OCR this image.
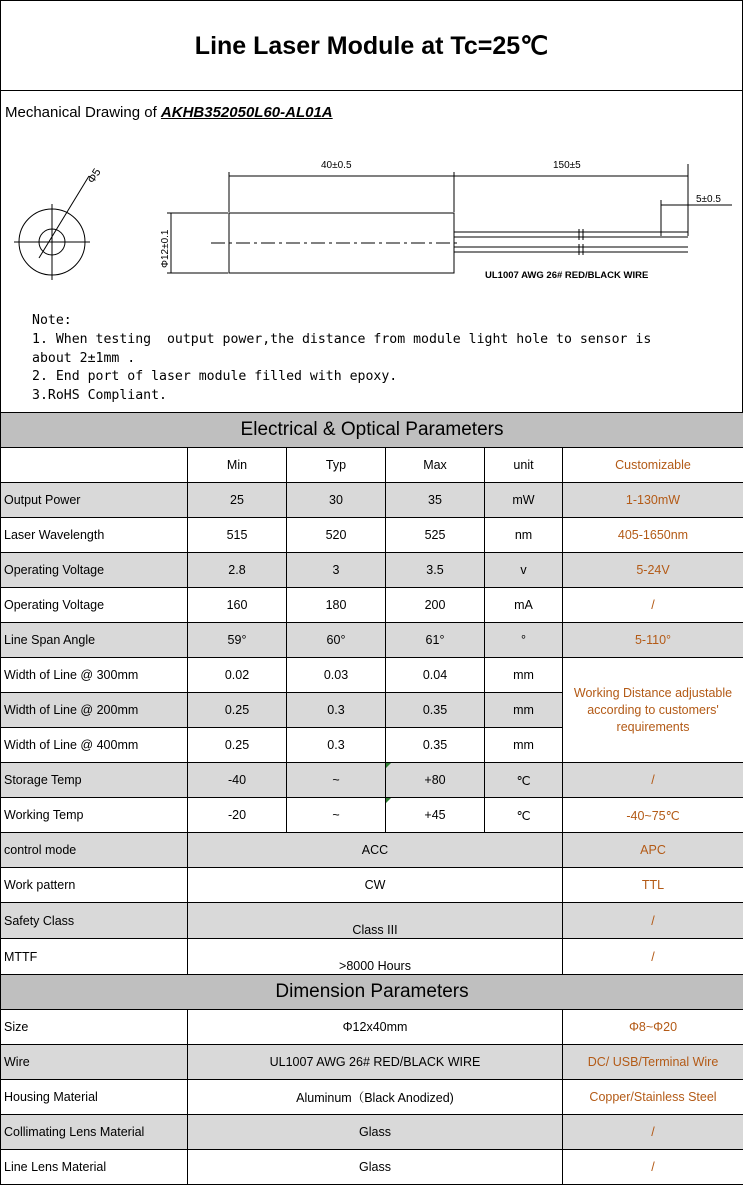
Line Laser Module at Tc=25℃
Mechanical Drawing of AKHB352050L60-AL01A
Φ5
40±0.5	150±5
5±0.5
Φ12±0.1
UL1007 AWG 26# RED/BLACK WIRE
Note:
1. When testing  output power,the distance from module light hole to sensor is
about 2±1mm .
2. End port of laser module filled with epoxy.
3.RoHS Compliant.
Electrical & Optical Parameters					
	Min	Typ	Max	unit	Customizable
Output Power	25	30	35	mW	1-130mW
Laser Wavelength	515	520	525	nm	405-1650nm
Operating Voltage	2.8	3	3.5	v	5-24V
Operating Voltage	160	180	200	mA	/
Line Span Angle	59°	60°	61°	°	5-110°
Width of Line @ 300mm	0.02	0.03	0.04	mm	Working Distance adjustable according to customers' requirements
Width of Line @ 200mm	0.25	0.3	0.35	mm	
Width of Line @ 400mm	0.25	0.3	0.35	mm	
Storage Temp	-40	~	+80	℃	/
Working Temp	-20	~	+45	℃	-40~75℃
control mode	ACC				APC
Work pattern	CW				TTL
Safety Class	Class III				/
MTTF	>8000 Hours				/
Dimension Parameters					
Size	Φ12x40mm				Φ8~Φ20
Wire	UL1007 AWG 26# RED/BLACK WIRE				DC/ USB/Terminal Wire
Housing Material	Aluminum（Black Anodized)				Copper/Stainless Steel
Collimating Lens Material	Glass				/
Line Lens Material	Glass				/
